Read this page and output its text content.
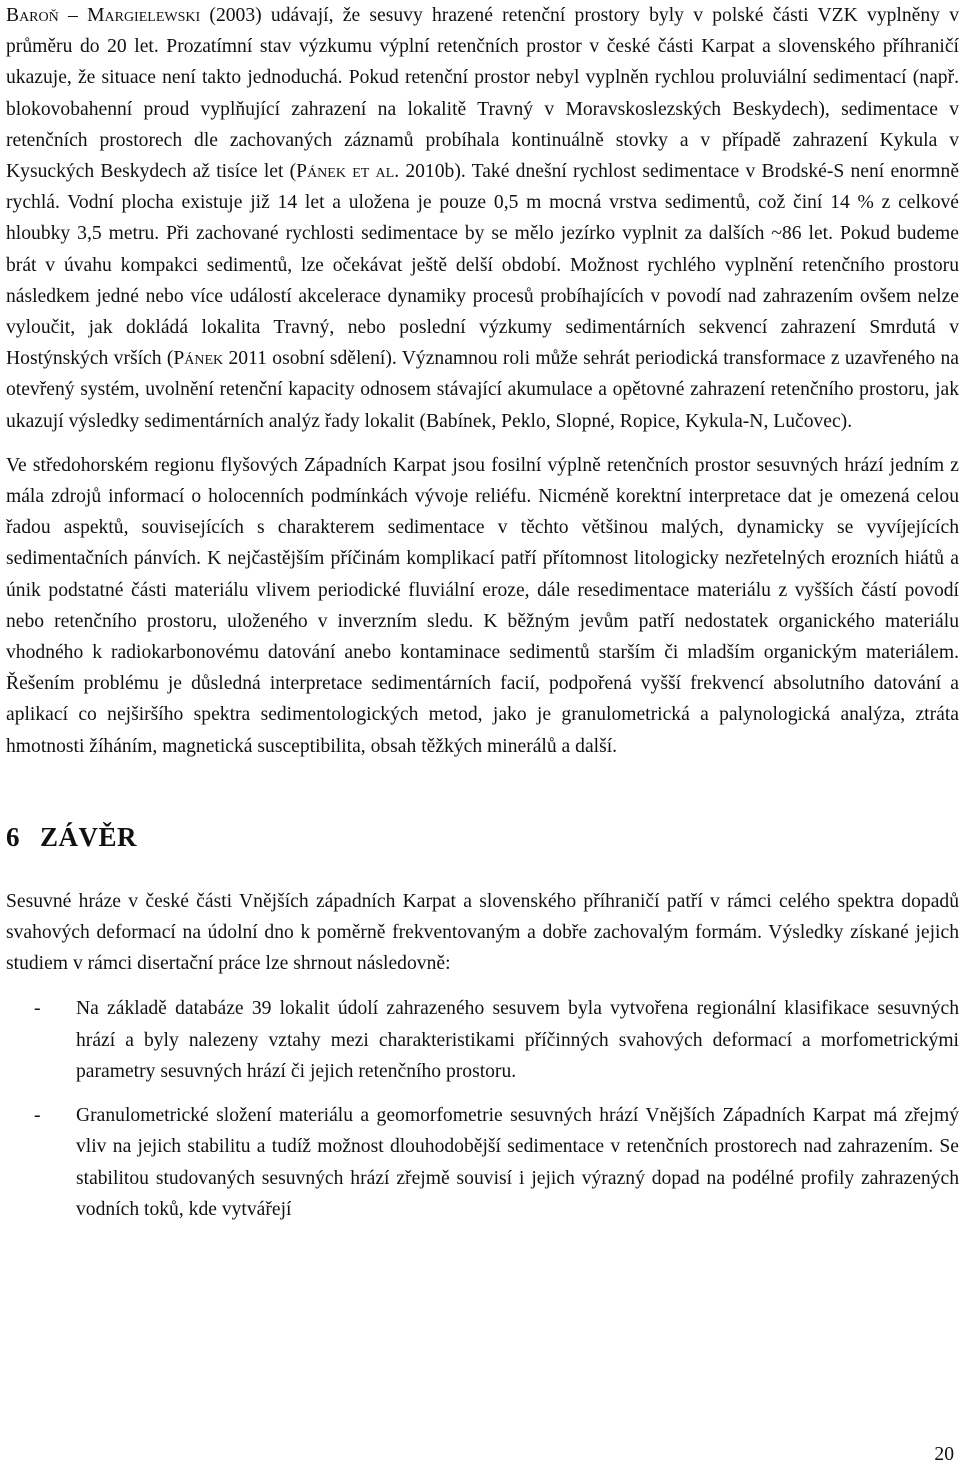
Baroň – Margielewski (2003) udávají, že sesuvy hrazené retenční prostory byly v polské části VZK vyplněny v průměru do 20 let. Prozatímní stav výzkumu výplní retenčních prostor v české části Karpat a slovenského příhraničí ukazuje, že situace není takto jednoduchá. Pokud retenční prostor nebyl vyplněn rychlou proluviální sedimentací (např. blokovobahenní proud vyplňující zahrazení na lokalitě Travný v Moravskoslezských Beskydech), sedimentace v retenčních prostorech dle zachovaných záznamů probíhala kontinuálně stovky a v případě zahrazení Kykula v Kysuckých Beskydech až tisíce let (Pánek et al. 2010b). Také dnešní rychlost sedimentace v Brodské-S není enormně rychlá. Vodní plocha existuje již 14 let a uložena je pouze 0,5 m mocná vrstva sedimentů, což činí 14 % z celkové hloubky 3,5 metru. Při zachované rychlosti sedimentace by se mělo jezírko vyplnit za dalších ~86 let. Pokud budeme brát v úvahu kompakci sedimentů, lze očekávat ještě delší období. Možnost rychlého vyplnění retenčního prostoru následkem jedné nebo více událostí akcelerace dynamiky procesů probíhajících v povodí nad zahrazením ovšem nelze vyloučit, jak dokládá lokalita Travný, nebo poslední výzkumy sedimentárních sekvencí zahrazení Smrdutá v Hostýnských vrších (Pánek 2011 osobní sdělení). Významnou roli může sehrát periodická transformace z uzavřeného na otevřený systém, uvolnění retenční kapacity odnosem stávající akumulace a opětovné zahrazení retenčního prostoru, jak ukazují výsledky sedimentárních analýz řady lokalit (Babínek, Peklo, Slopné, Ropice, Kykula-N, Lučovec).

Ve středohorském regionu flyšových Západních Karpat jsou fosilní výplně retenčních prostor sesuvných hrází jedním z mála zdrojů informací o holocenních podmínkách vývoje reliéfu. Nicméně korektní interpretace dat je omezená celou řadou aspektů, souvisejících s charakterem sedimentace v těchto většinou malých, dynamicky se vyvíjejících sedimentačních pánvích. K nejčastějším příčinám komplikací patří přítomnost litologicky nezřetelných erozních hiátů a únik podstatné části materiálu vlivem periodické fluviální eroze, dále resedimentace materiálu z vyšších částí povodí nebo retenčního prostoru, uloženého v inverzním sledu. K běžným jevům patří nedostatek organického materiálu vhodného k radiokarbonovému datování anebo kontaminace sedimentů starším či mladším organickým materiálem. Řešením problému je důsledná interpretace sedimentárních facií, podpořená vyšší frekvencí absolutního datování a aplikací co nejširšího spektra sedimentologických metod, jako je granulometrická a palynologická analýza, ztráta hmotnosti žíháním, magnetická susceptibilita, obsah těžkých minerálů a další.

6 ZÁVĚR

Sesuvné hráze v české části Vnějších západních Karpat a slovenského příhraničí patří v rámci celého spektra dopadů svahových deformací na údolní dno k poměrně frekventovaným a dobře zachovalým formám. Výsledky získané jejich studiem v rámci disertační práce lze shrnout následovně:

- Na základě databáze 39 lokalit údolí zahrazeného sesuvem byla vytvořena regionální klasifikace sesuvných hrází a byly nalezeny vztahy mezi charakteristikami příčinných svahových deformací a morfometrickými parametry sesuvných hrází či jejich retenčního prostoru.
- Granulometrické složení materiálu a geomorfometrie sesuvných hrází Vnějších Západních Karpat má zřejmý vliv na jejich stabilitu a tudíž možnost dlouhodobější sedimentace v retenčních prostorech nad zahrazením. Se stabilitou studovaných sesuvných hrází zřejmě souvisí i jejich výrazný dopad na podélné profily zahrazených vodních toků, kde vytvářejí
20
